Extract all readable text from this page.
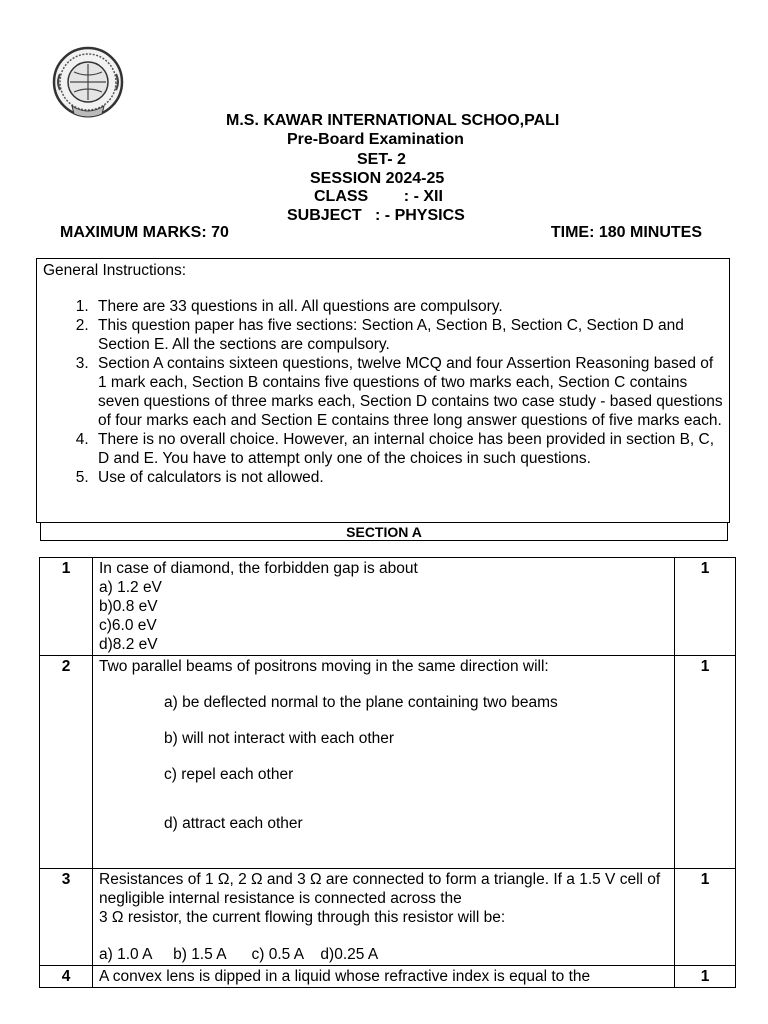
M.S. KAWAR INTERNATIONAL SCHOO,PALI
Pre-Board Examination
SET- 2
SESSION 2024-25
CLASS        : - XII
SUBJECT   : - PHYSICS
MAXIMUM MARKS: 70	TIME: 180 MINUTES
General Instructions:
1. There are 33 questions in all. All questions are compulsory.
2. This question paper has five sections: Section A, Section B, Section C, Section D and Section E. All the sections are compulsory.
3. Section A contains sixteen questions, twelve MCQ and four Assertion Reasoning based of 1 mark each, Section B contains five questions of two marks each, Section C contains seven questions of three marks each, Section D contains two case study - based questions of four marks each and Section E contains three long answer questions of five marks each.
4. There is no overall choice. However, an internal choice has been provided in section B, C, D and E. You have to attempt only one of the choices in such questions.
5. Use of calculators is not allowed.
SECTION A
1	In case of diamond, the forbidden gap is about
a) 1.2 eV
b)0.8 eV
c)6.0 eV
d)8.2 eV	1
2	Two parallel beams of positrons moving in the same direction will:
a) be deflected normal to the plane containing two beams
b) will not interact with each other
c) repel each other
d) attract each other	1
3	Resistances of 1 Ω, 2 Ω and 3 Ω are connected to form a triangle. If a 1.5 V cell of negligible internal resistance is connected across the
3 Ω resistor, the current flowing through this resistor will be:
a) 1.0 A     b) 1.5 A      c) 0.5 A    d)0.25 A	1
4	A convex lens is dipped in a liquid whose refractive index is equal to the	1
